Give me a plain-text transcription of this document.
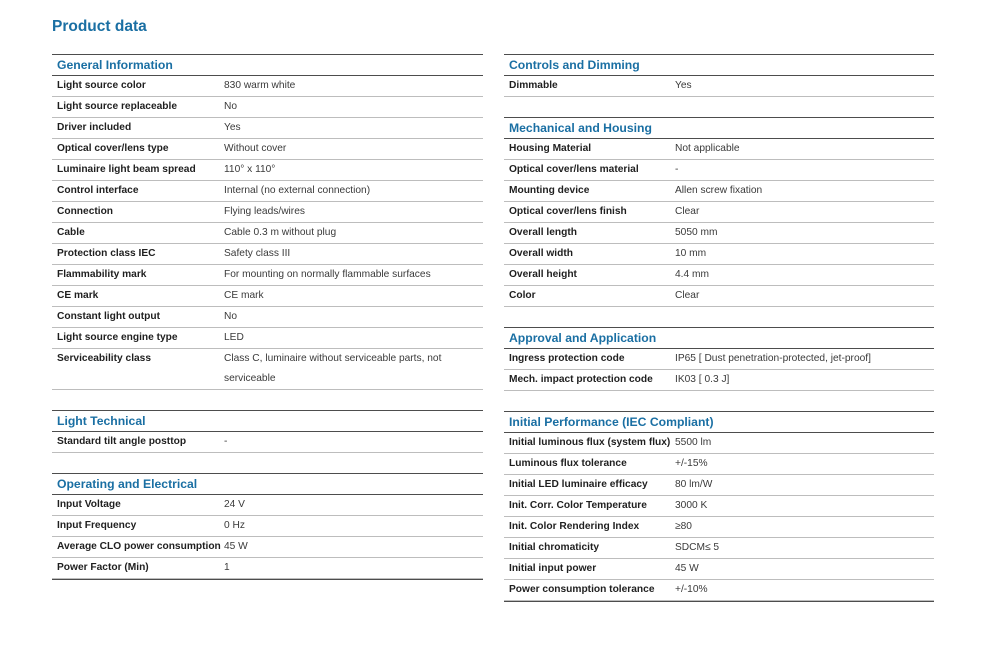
Product data
General Information
Light source color	830 warm white
Light source replaceable	No
Driver included	Yes
Optical cover/lens type	Without cover
Luminaire light beam spread	110° x 110°
Control interface	Internal (no external connection)
Connection	Flying leads/wires
Cable	Cable 0.3 m without plug
Protection class IEC	Safety class III
Flammability mark	For mounting on normally flammable surfaces
CE mark	CE mark
Constant light output	No
Light source engine type	LED
Serviceability class	Class C, luminaire without serviceable parts, not serviceable
Light Technical
Standard tilt angle posttop	-
Operating and Electrical
Input Voltage	24 V
Input Frequency	0 Hz
Average CLO power consumption 45 W
Power Factor (Min)	1
Controls and Dimming
Dimmable	Yes
Mechanical and Housing
Housing Material	Not applicable
Optical cover/lens material	-
Mounting device	Allen screw fixation
Optical cover/lens finish	Clear
Overall length	5050 mm
Overall width	10 mm
Overall height	4.4 mm
Color	Clear
Approval and Application
Ingress protection code	IP65 [ Dust penetration-protected, jet-proof]
Mech. impact protection code	IK03 [ 0.3 J]
Initial Performance (IEC Compliant)
Initial luminous flux (system flux) 5500 lm
Luminous flux tolerance	+/-15%
Initial LED luminaire efficacy	80 lm/W
Init. Corr. Color Temperature	3000 K
Init. Color Rendering Index	≥80
Initial chromaticity	SDCM≤ 5
Initial input power	45 W
Power consumption tolerance	+/-10%
